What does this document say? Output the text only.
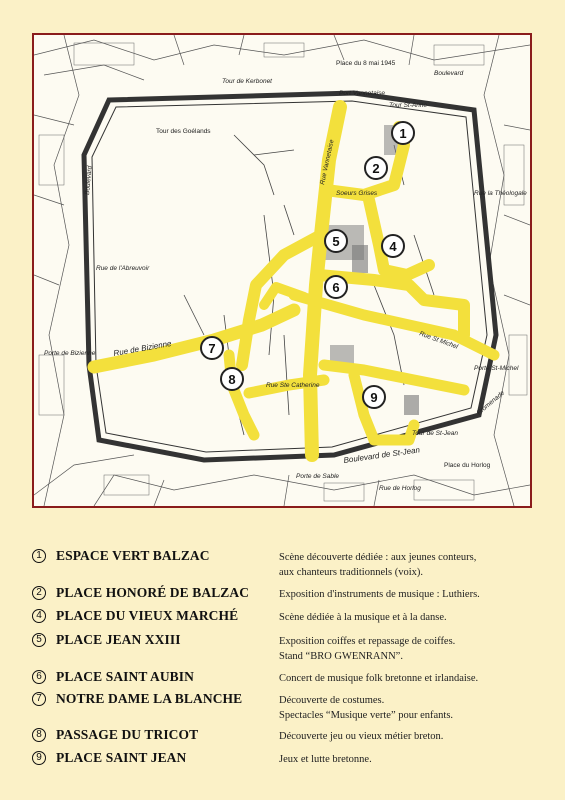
Tour de Kerbonet
Boulevard
Place du 8 mai 1945
Port Vannetaise
Tour St-Anne
Tour des Goélands
Rue la Théologale
Rue de l'Abreuvoir
Porte de Bizienne Rue de Bizienne
Porte St-Michel
Promenade
Tour de St-Jean
Boulevard de St-Jean
Porte de Sable
Place du Horlog
Rue de Horlog
Rue Ste Catherine
Rue Vannetaise
Rue St Michel
Soeurs Grises
Boulevard
1
2
4
5
6
7
8
9
1	ESPACE VERT BALZAC	Scène découverte dédiée : aux jeunes conteurs,
aux chanteurs traditionnels (voix).
2	PLACE HONORÉ DE BALZAC	Exposition d'instruments de musique : Luthiers.
4	PLACE DU VIEUX MARCHÉ	Scène dédiée à la musique et à la danse.
5	PLACE JEAN XXIII	Exposition coiffes et repassage de coiffes.
Stand “BRO GWENRANN”.
6	PLACE SAINT AUBIN	Concert de musique folk bretonne et irlandaise.
7	NOTRE DAME LA BLANCHE	Découverte de costumes.
Spectacles “Musique verte” pour enfants.
8	PASSAGE DU TRICOT	Découverte jeu ou vieux métier breton.
9	PLACE SAINT JEAN	Jeux et lutte bretonne.
